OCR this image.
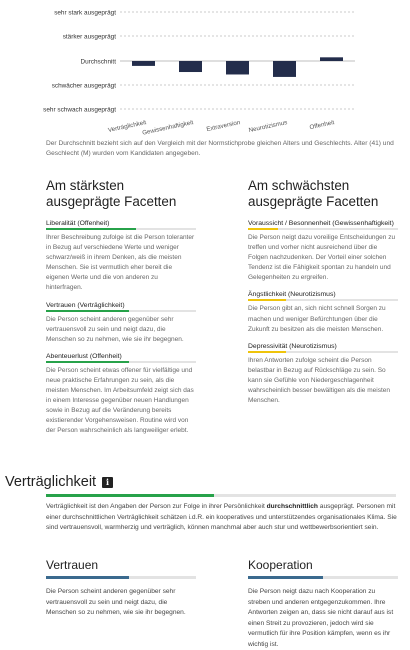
sehr stark ausgeprägt
stärker ausgeprägt
Durchschnitt
schwächer ausgeprägt
sehr schwach ausgeprägt
Verträglichkeit
Gewissenhaftigkeit Extraversion Neurotizismus	Offenheit
Der Durchschnitt bezieht sich auf den Vergleich mit der Normstichprobe gleichen Alters und Geschlechts. Alter (41) und Geschlecht (M) wurden vom Kandidaten angegeben.
Am stärksten ausgeprägte Facetten
Liberalität (Offenheit)
Ihrer Beschreibung zufolge ist die Person toleranter in Bezug auf verschiedene Werte und weniger schwarz/weiß in ihrem Denken, als die meisten Menschen. Sie ist vermutlich eher bereit die eigenen Werte und die von anderen zu hinterfragen.
Vertrauen (Verträglichkeit)
Die Person scheint anderen gegenüber sehr vertrauensvoll zu sein und neigt dazu, die Menschen so zu nehmen, wie sie ihr begegnen.
Abenteuerlust (Offenheit)
Die Person scheint etwas offener für vielfältige und neue praktische Erfahrungen zu sein, als die meisten Menschen. Im Arbeitsumfeld zeigt sich das in einem Interesse gegenüber neuen Handlungen sowie in Bezug auf die Veränderung bereits existierender Vorgehensweisen. Routine wird von der Person wahrscheinlich als langweiliger erlebt.
Am schwächsten ausgeprägte Facetten
Voraussicht / Besonnenheit (Gewissenhaftigkeit)
Die Person neigt dazu voreilige Entscheidungen zu treffen und vorher nicht ausreichend über die Folgen nachzudenken. Der Vorteil einer solchen Tendenz ist die Fähigkeit spontan zu handeln und Gelegenheiten zu ergreifen.
Ängstlichkeit (Neurotizismus)
Die Person gibt an, sich nicht schnell Sorgen zu machen und weniger Befürchtungen über die Zukunft zu besitzen als die meisten Menschen.
Depressivität (Neurotizismus)
Ihren Antworten zufolge scheint die Person belastbar in Bezug auf Rückschläge zu sein. So kann sie Gefühle von Niedergeschlagenheit wahrscheinlich besser bewältigen als die meisten Menschen.
Verträglichkeit	i
Verträglichkeit ist den Angaben der Person zur Folge in ihrer Persönlichkeit durchschnittlich ausgeprägt. Personen mit einer durchschnittlichen Verträglichkeit schätzen i.d.R. ein kooperatives und unterstützendes organisationales Klima. Sie sind vertrauensvoll, warmherzig und verträglich, können manchmal aber auch stur und wettbewerbsorientiert sein.
Vertrauen
Die Person scheint anderen gegenüber sehr vertrauensvoll zu sein und neigt dazu, die Menschen so zu nehmen, wie sie ihr begegnen.
Kooperation
Die Person neigt dazu nach Kooperation zu streben und anderen entgegenzukommen. Ihre Antworten zeigen an, dass sie nicht darauf aus ist einen Streit zu provozieren, jedoch wird sie vermutlich für ihre Position kämpfen, wenn es ihr wichtig ist.
